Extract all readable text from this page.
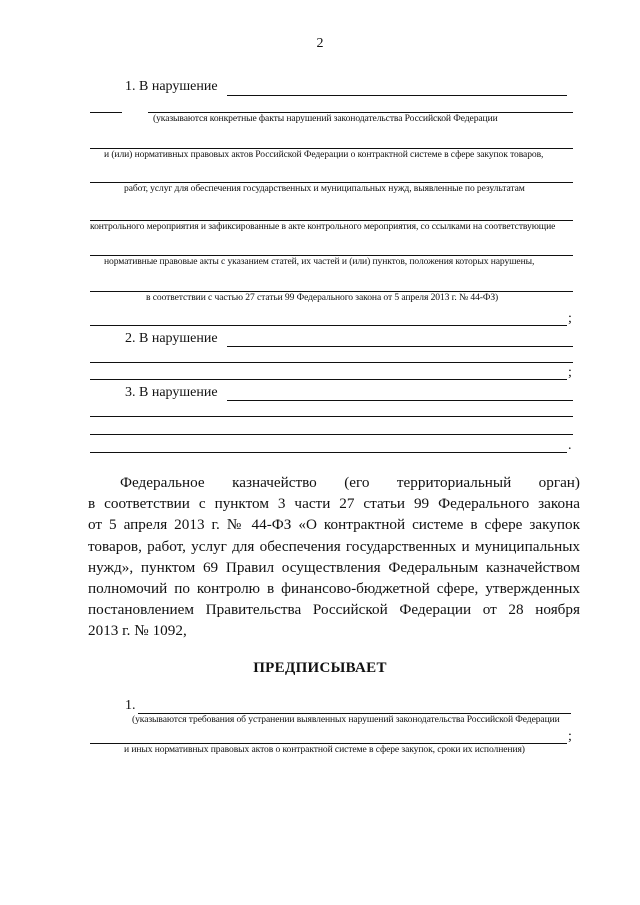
2
1. В нарушение
(указываются конкретные факты нарушений законодательства Российской Федерации
и (или) нормативных правовых актов Российской Федерации о контрактной системе в сфере закупок товаров,
работ, услуг для обеспечения государственных и муниципальных нужд, выявленные по результатам
контрольного мероприятия и зафиксированные в акте контрольного мероприятия, со ссылками на соответствующие
нормативные правовые акты с указанием статей, их частей и (или) пунктов, положения которых нарушены,
в соответствии с частью 27 статьи 99 Федерального закона от 5 апреля 2013 г. № 44-ФЗ)
;
2. В нарушение
;
3. В нарушение
.
Федеральное казначейство (его территориальный орган)
в соответствии с пунктом 3 части 27 статьи 99 Федерального закона
от 5 апреля 2013 г. № 44-ФЗ «О контрактной системе в сфере закупок
товаров, работ, услуг для обеспечения государственных и муниципальных
нужд», пунктом 69 Правил осуществления Федеральным казначейством
полномочий по контролю в финансово-бюджетной сфере, утвержденных
постановлением Правительства Российской Федерации от 28 ноября
2013 г. № 1092,
ПРЕДПИСЫВАЕТ
1.
(указываются требования об устранении выявленных нарушений законодательства Российской Федерации
;
и иных нормативных правовых актов о контрактной системе в сфере закупок, сроки их исполнения)
